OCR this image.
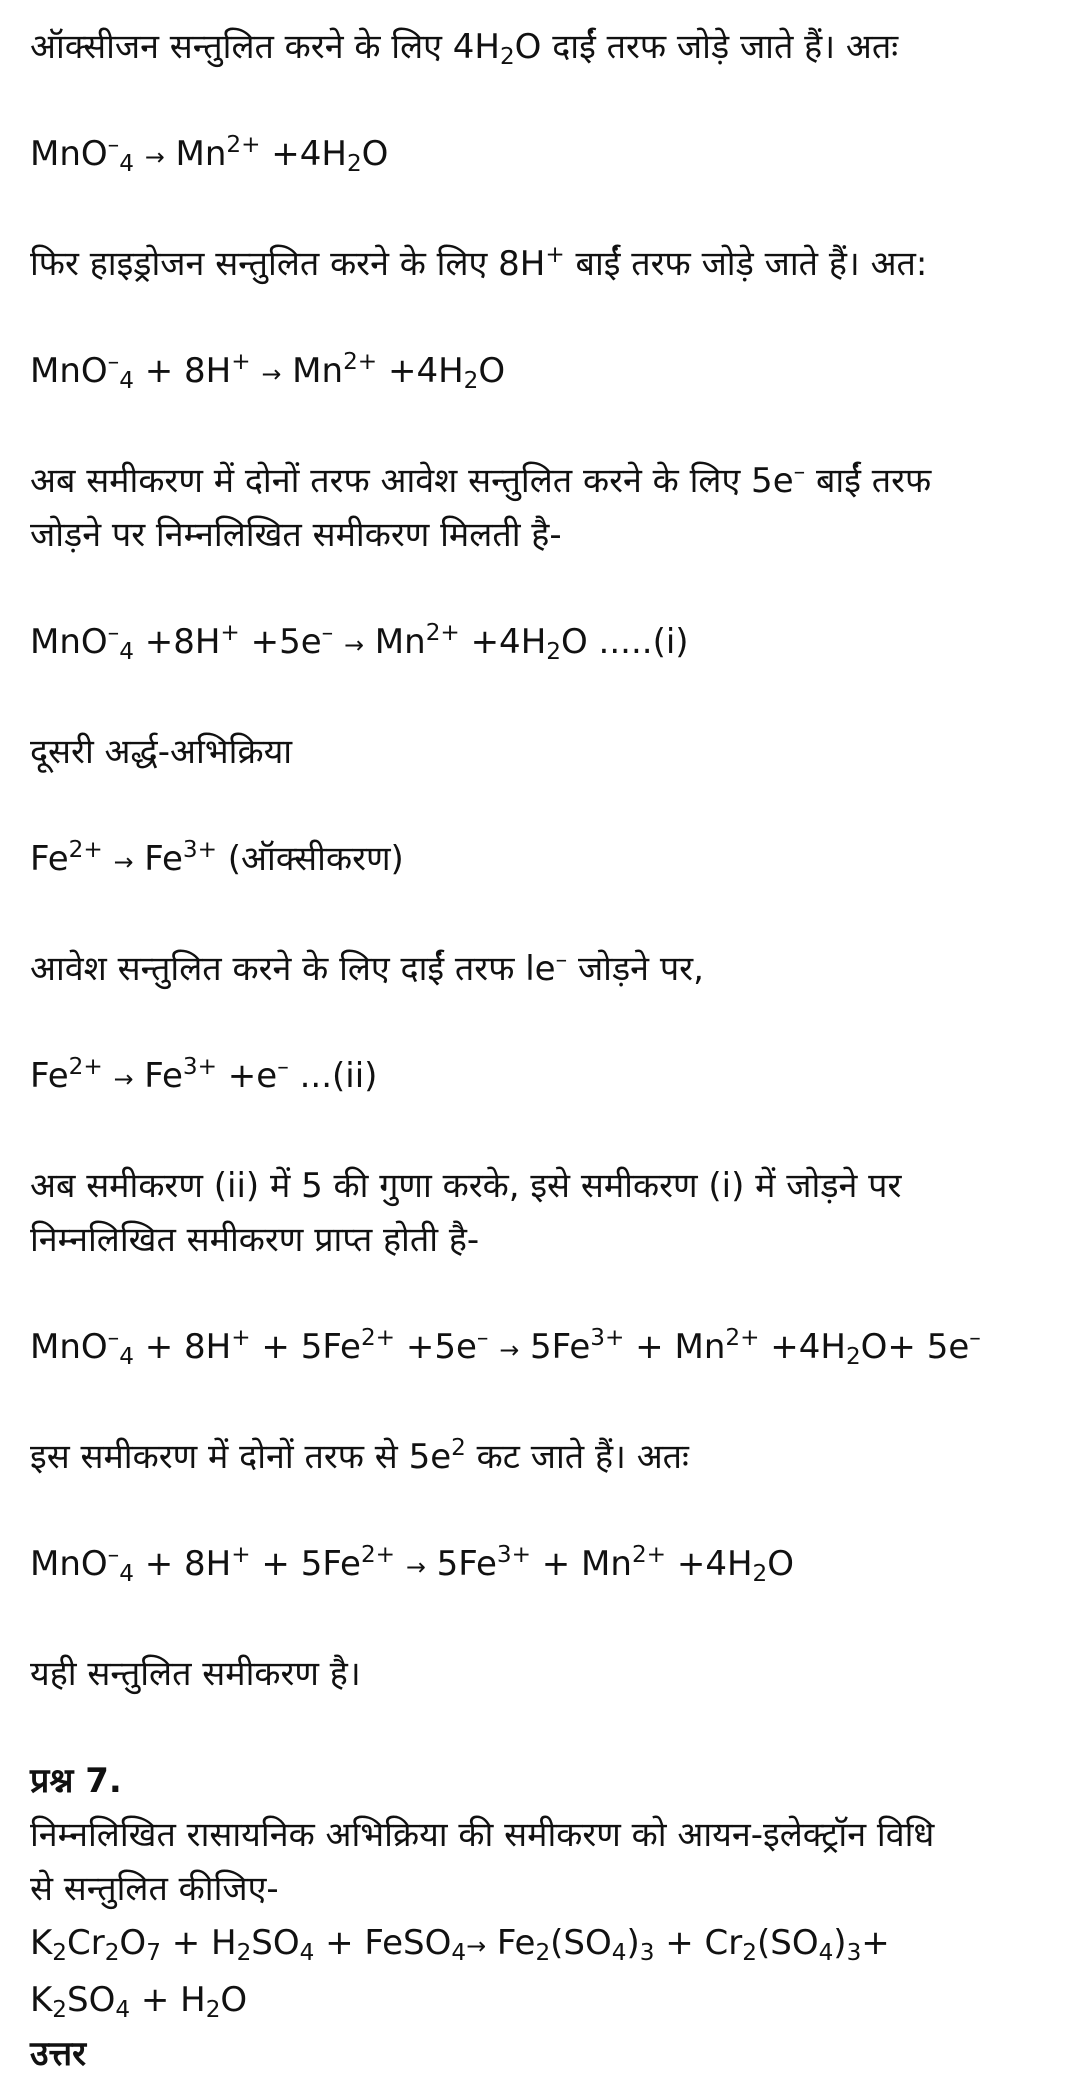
ऑक्सीजन सन्तुलित करने के लिए $4H_2O$ दाईं तरफ जोड़े जाते हैं। अतः

$MnO^-_4 \to Mn^{2+} +4H_2O$

फिर हाइड्रोजन सन्तुलित करने के लिए 8H+ बाईं तरफ जोड़े जाते हैं। अत:

$MnO^-_4 + 8H^+ \to Mn^{2+} +4H_2O$

अब समीकरण में दोनों तरफ आवेश सन्तुलित करने के लिए 5e– बाईं तरफ

जोड़ने पर निम्नलिखित समीकरण मिलती है-

$MnO^-_4 +8H^+ +5e^- \to Mn^{2+} +4H_2O$ .....(i)

दूसरी अर्द्ध-अभिक्रिया

$Fe^{2+} \to Fe^{3+}$ (ऑक्सीकरण)

आवेश सन्तुलित करने के लिए दाईं तरफ le– जोड़ने पर,

$Fe^{2+} \to Fe^{3+} +e^-$ ...(ii)

अब समीकरण (ii) में 5 की गुणा करके, इसे समीकरण (i) में जोड़ने पर

निम्नलिखित समीकरण प्राप्त होती है-

$MnO^-_4 + 8H^+ + 5Fe^{2+} +5e^- \to 5Fe^{3+} + Mn^{2+} +4H_2O+ 5e^-$

इस समीकरण में दोनों तरफ से $5e^2$ कट जाते हैं। अतः

$MnO^-_4 + 8H^+ + 5Fe^{2+} \to 5Fe^{3+} + Mn^{2+} +4H_2O$

यही सन्तुलित समीकरण है।

प्रश्न 7.

निम्नलिखित रासायनिक अभिक्रिया की समीकरण को आयन-इलेक्ट्रॉन विधि

से सन्तुलित कीजिए-

$K_2Cr_2O_7 + H_2SO_4$ + FeSO$_4$→ $Fe_2(SO_4)_3 + Cr_2(SO_4)_3+$

$K_2SO_4 + H_2O$

उत्तर
